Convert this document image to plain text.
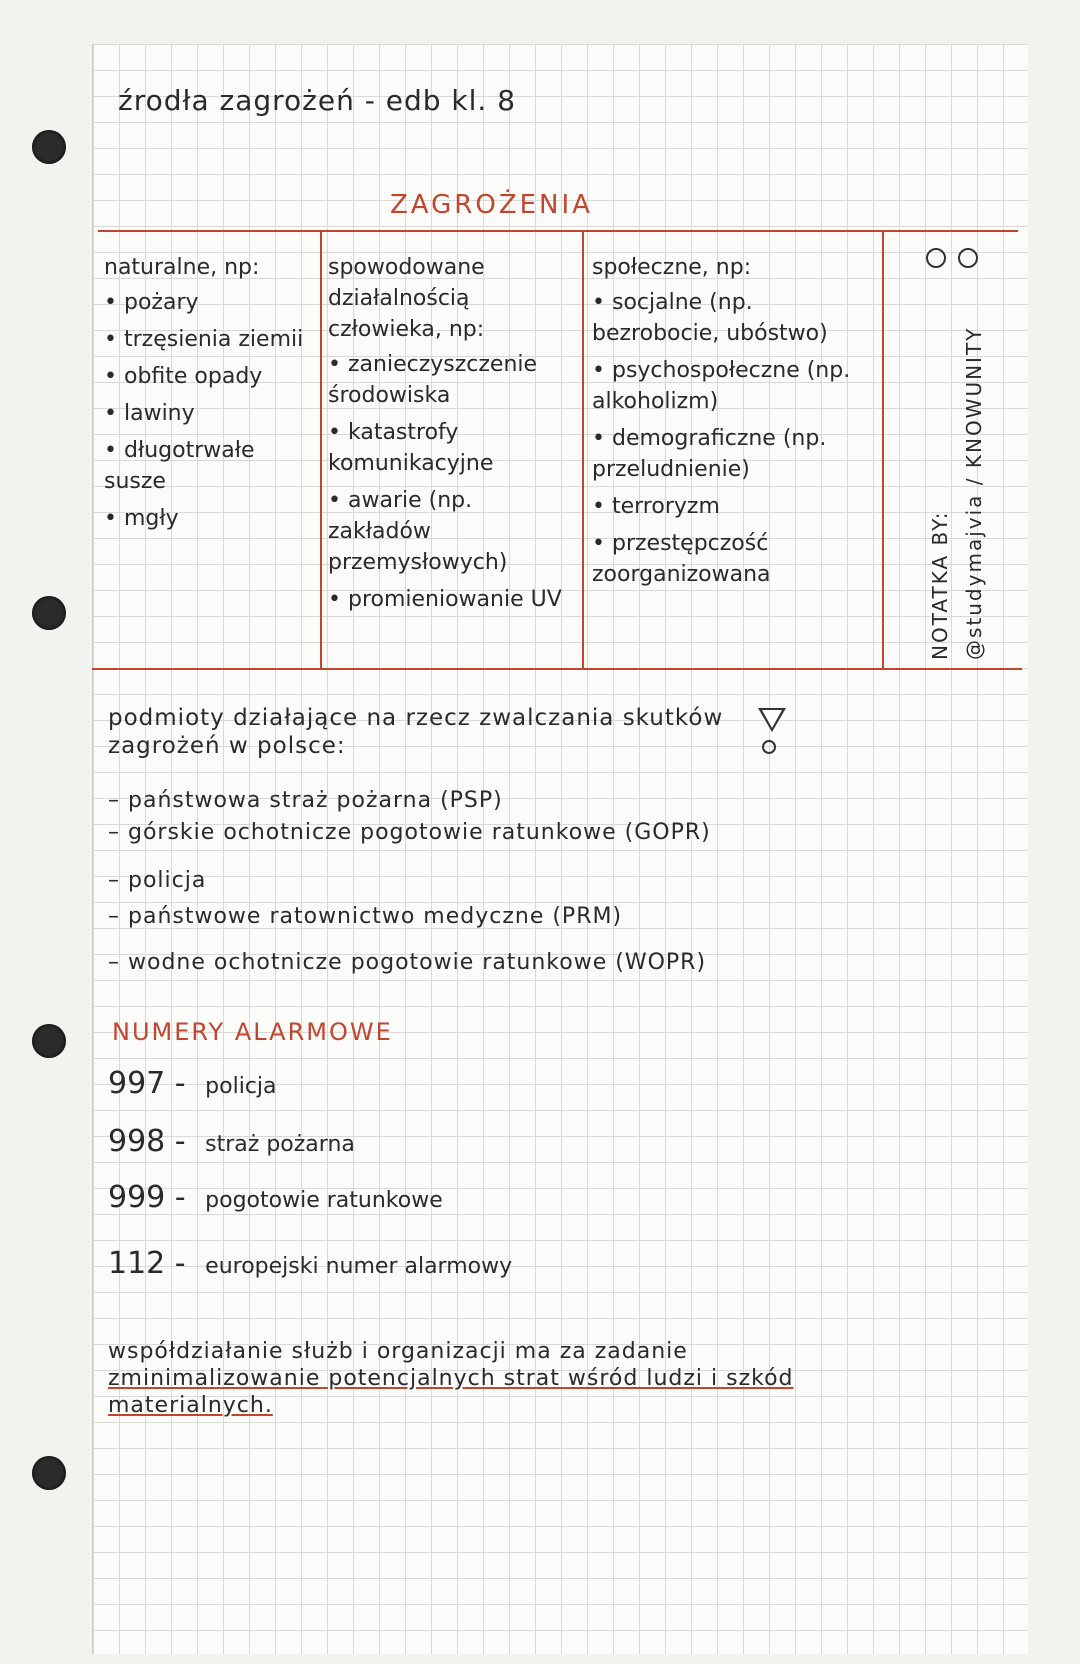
źrodła zagrożeń - edb kl. 8
ZAGROŻENIA
naturalne, np:
• pożary
• trzęsienia ziemii
• obfite opady
• lawiny
• długotrwałe susze
• mgły
spowodowane działalnością człowieka, np:
• zanieczyszczenie środowiska
• katastrofy komunikacyjne
• awarie (np. zakładów przemysłowych)
• promieniowanie UV
społeczne, np:
• socjalne (np. bezrobocie, ubóstwo)
• psychospołeczne (np. alkoholizm)
• demograficzne (np. przeludnienie)
• terroryzm
• przestępczość zoorganizowana	NOTATKA BY: @studymajvia / KNOWUNITY
podmioty działające na rzecz zwalczania skutków zagrożeń w polsce:
– państwowa straż pożarna (PSP)
– górskie ochotnicze pogotowie ratunkowe (GOPR)
– policja
– państwowe ratownictwo medyczne (PRM)
– wodne ochotnicze pogotowie ratunkowe (WOPR)
NUMERY ALARMOWE
997 - policja
998 - straż pożarna
999 - pogotowie ratunkowe
112 - europejski numer alarmowy
współdziałanie służb i organizacji ma za zadanie zminimalizowanie potencjalnych strat wśród ludzi i szkód materialnych.
